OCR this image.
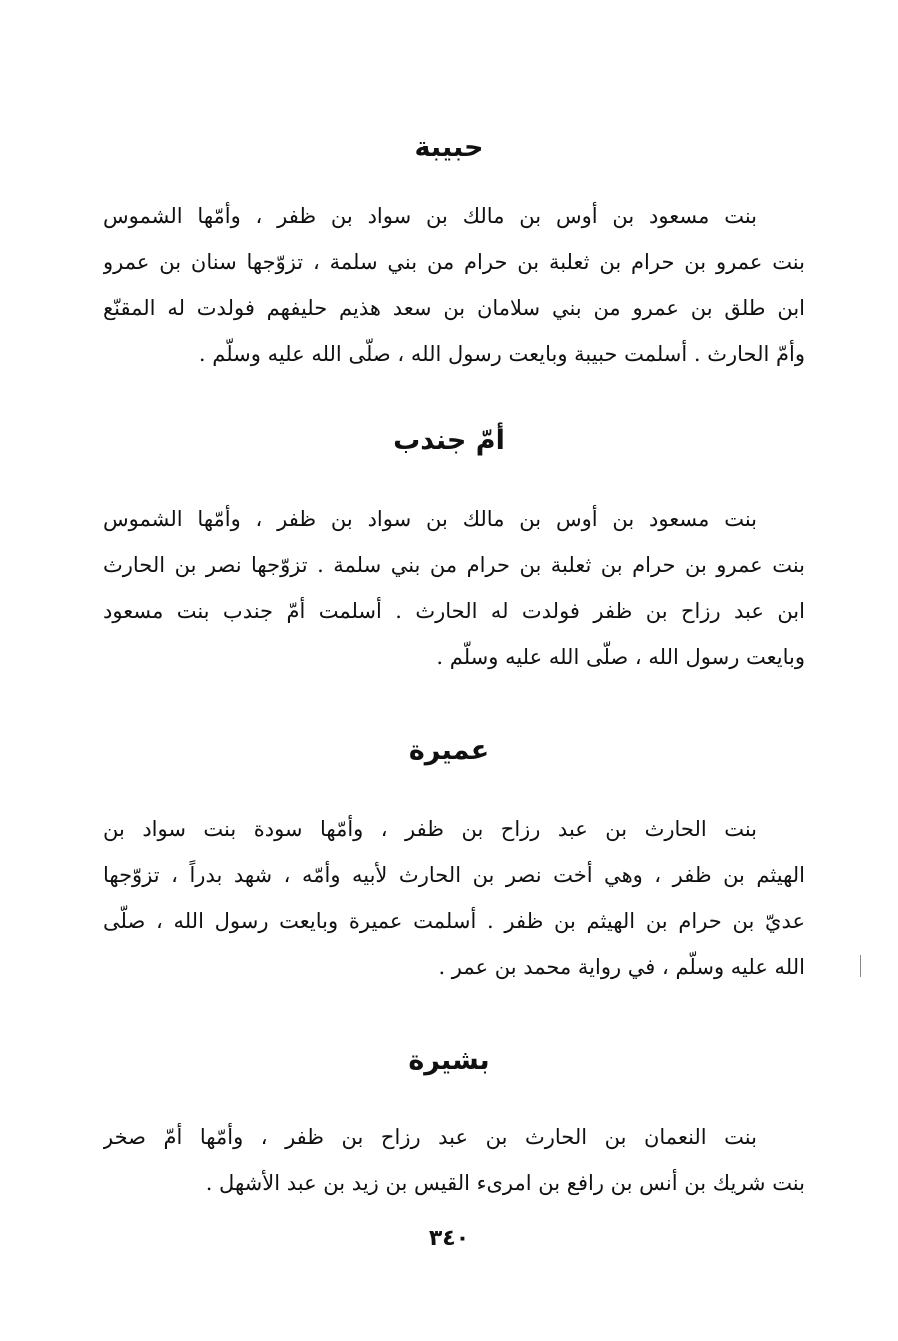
حبيبة
بنت مسعود بن أوس بن مالك بن سواد بن ظفر ، وأمّها الشموس
بنت عمرو بن حرام بن ثعلبة بن حرام من بني سلمة ، تزوّجها سنان بن عمرو
ابن طلق بن عمرو من بني سلامان بن سعد هذيم حليفهم فولدت له المقنّع
وأمّ الحارث . أسلمت حبيبة وبايعت رسول الله ، صلّى الله عليه وسلّم .
أمّ جندب
بنت مسعود بن أوس بن مالك بن سواد بن ظفر ، وأمّها الشموس
بنت عمرو بن حرام بن ثعلبة بن حرام من بني سلمة . تزوّجها نصر بن الحارث
ابن عبد رزاح بن ظفر فولدت له الحارث . أسلمت أمّ جندب بنت مسعود
وبايعت رسول الله ، صلّى الله عليه وسلّم .
عميرة
بنت الحارث بن عبد رزاح بن ظفر ، وأمّها سودة بنت سواد بن
الهيثم بن ظفر ، وهي أخت نصر بن الحارث لأبيه وأمّه ، شهد بدراً ، تزوّجها
عديّ بن حرام بن الهيثم بن ظفر . أسلمت عميرة وبايعت رسول الله ، صلّى
الله عليه وسلّم ، في رواية محمد بن عمر .
بشيرة
بنت النعمان بن الحارث بن عبد رزاح بن ظفر ، وأمّها أمّ صخر
بنت شريك بن أنس بن رافع بن امرىء القيس بن زيد بن عبد الأشهل .
٣٤٠
